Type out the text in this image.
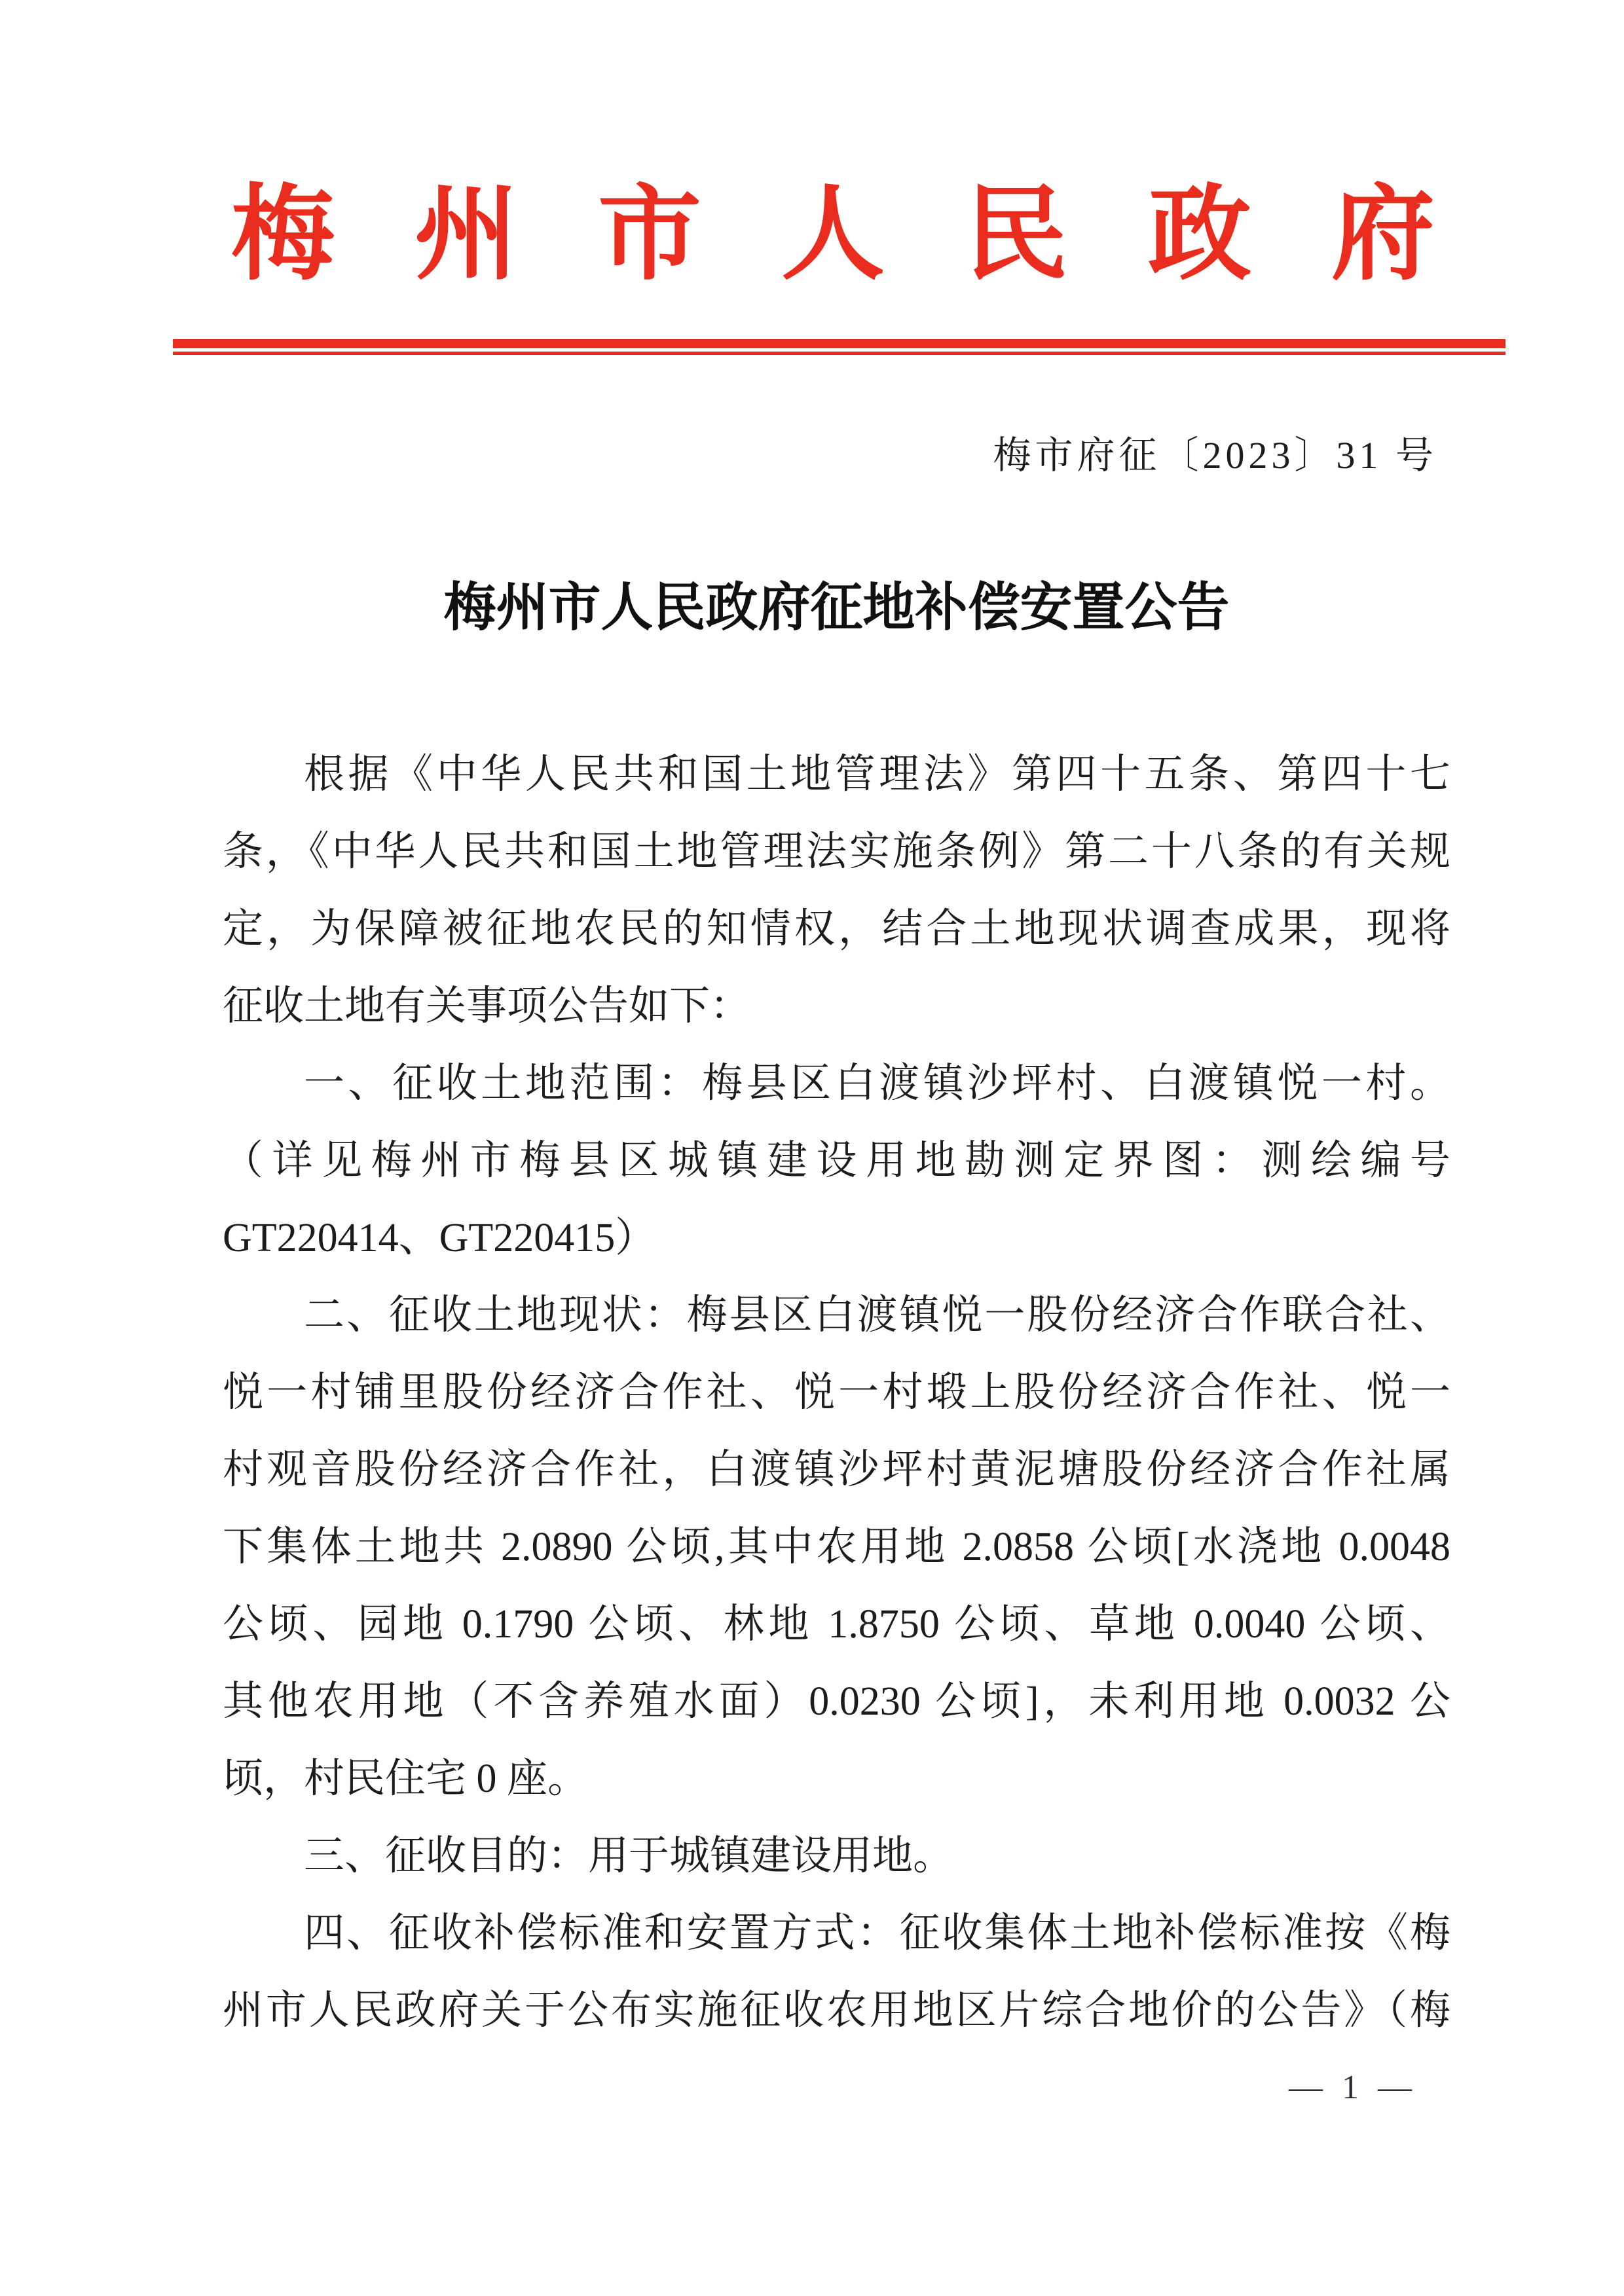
梅州市人民政府
梅市府征〔2023〕31 号
梅州市人民政府征地补偿安置公告
根据《中华人民共和国土地管理法》第四十五条、第四十七
条，《中华人民共和国土地管理法实施条例》第二十八条的有关规
定，为保障被征地农民的知情权，结合土地现状调查成果，现将
征收土地有关事项公告如下：
一、征收土地范围：梅县区白渡镇沙坪村、白渡镇悦一村。
（详见梅州市梅县区城镇建设用地勘测定界图：测绘编号
GT220414、GT220415）
二、征收土地现状：梅县区白渡镇悦一股份经济合作联合社、
悦一村铺里股份经济合作社、悦一村塅上股份经济合作社、悦一
村观音股份经济合作社，白渡镇沙坪村黄泥塘股份经济合作社属
下集体土地共 2.0890 公顷,其中农用地 2.0858 公顷[水浇地 0.0048
公顷、园地 0.1790 公顷、林地 1.8750 公顷、草地 0.0040 公顷、
其他农用地（不含养殖水面）0.0230 公顷]，未利用地 0.0032 公
顷，村民住宅 0 座。
三、征收目的：用于城镇建设用地。
四、征收补偿标准和安置方式：征收集体土地补偿标准按《梅
州市人民政府关于公布实施征收农用地区片综合地价的公告》（梅
— 1 —
